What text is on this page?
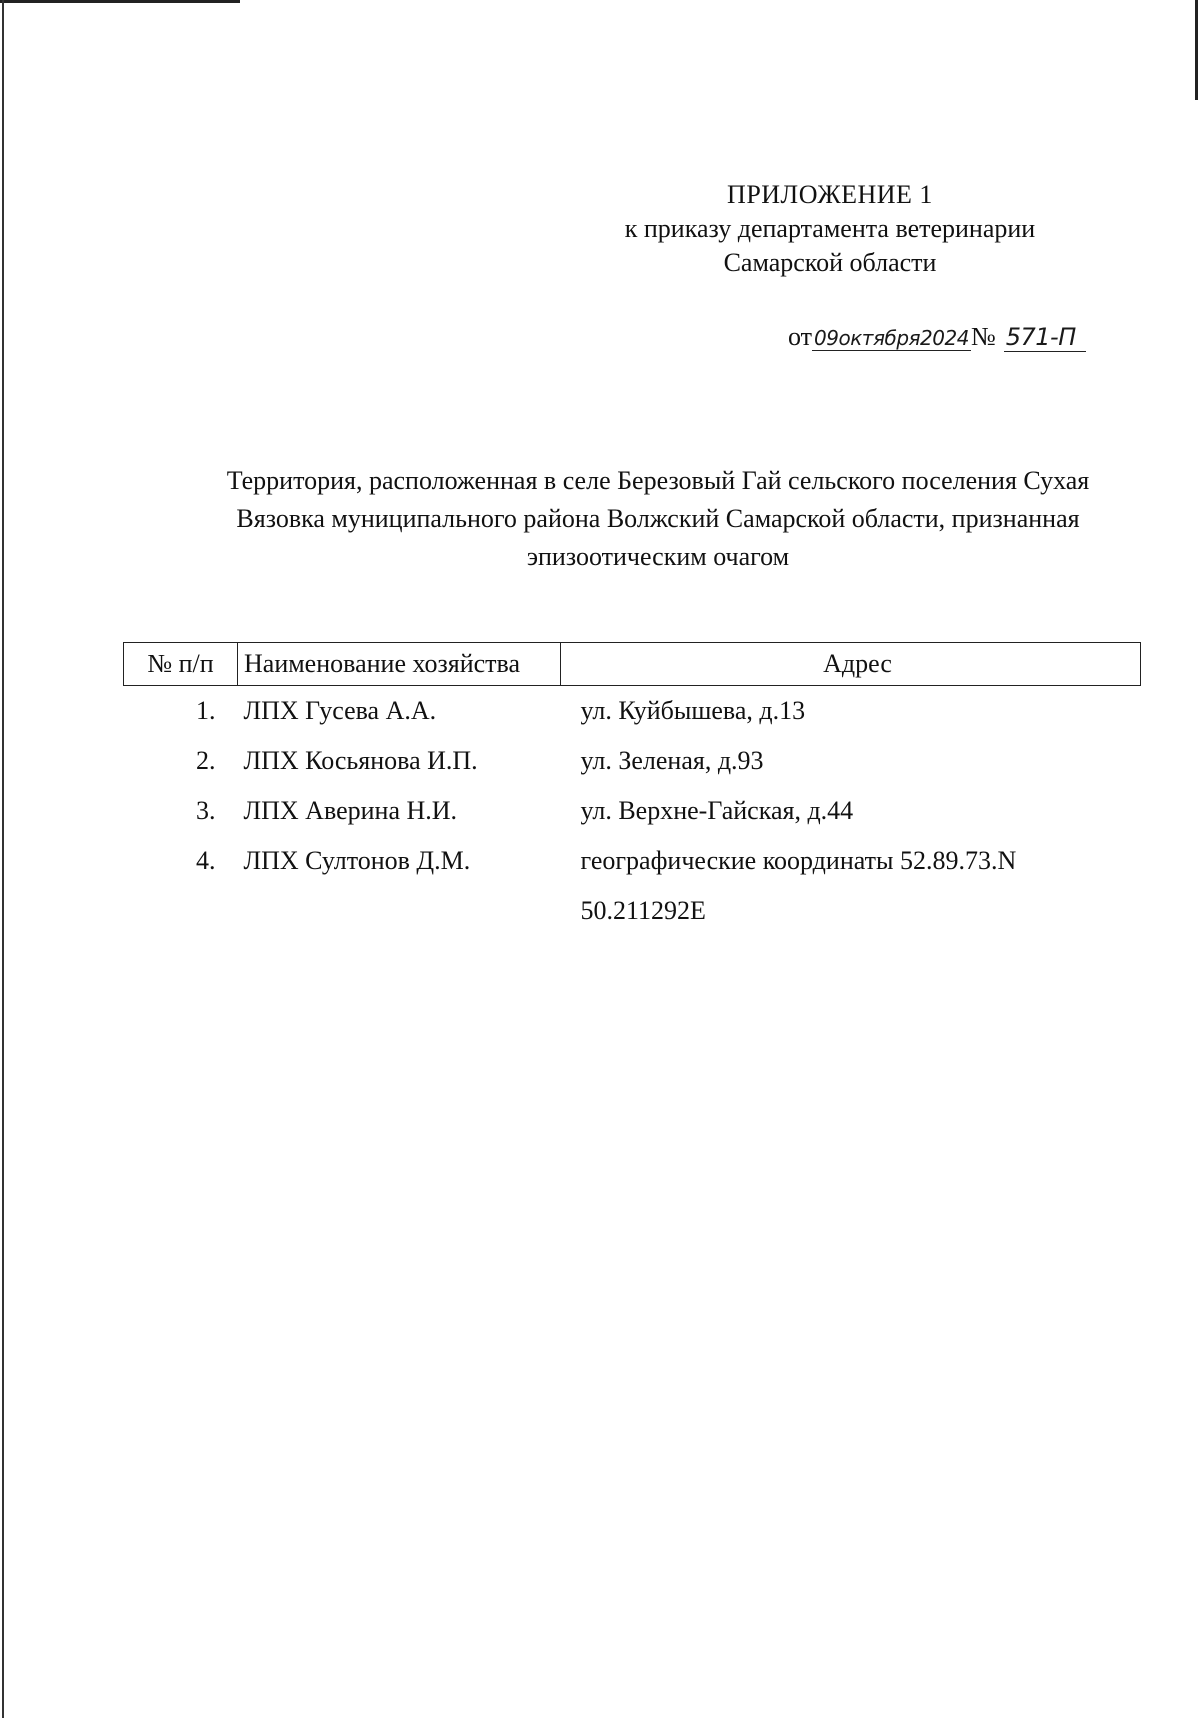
ПРИЛОЖЕНИЕ 1
к приказу департамента ветеринарии
Самарской области
от 09октября2024 № 571-П
Территория, расположенная в селе Березовый Гай сельского поселения Сухая
Вязовка муниципального района Волжский Самарской области, признанная
эпизоотическим очагом
№ п/п	Наименование хозяйства	Адрес
1.	ЛПХ Гусева А.А.	ул. Куйбышева, д.13
2.	ЛПХ Косьянова И.П.	ул. Зеленая, д.93
3.	ЛПХ Аверина Н.И.	ул. Верхне-Гайская, д.44
4.	ЛПХ Султонов Д.М.	географические координаты 52.89.73.N
		50.211292E
